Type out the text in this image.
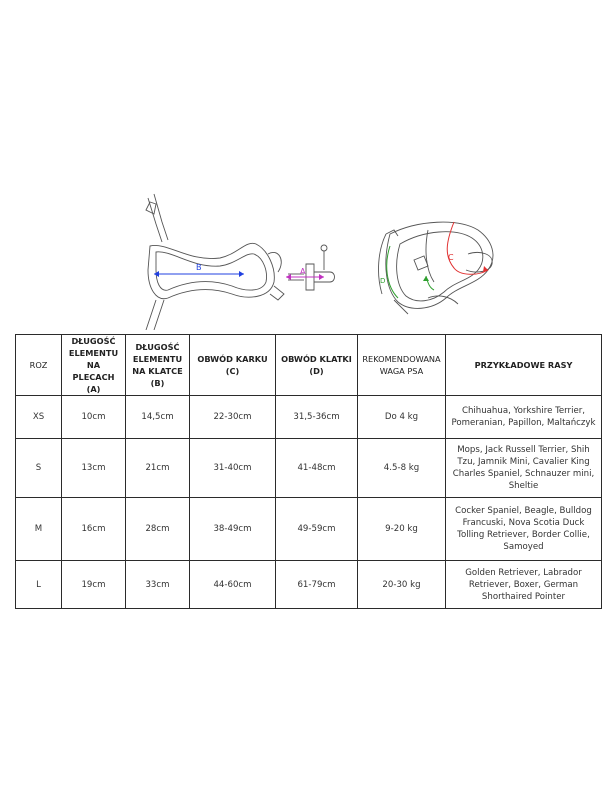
B	A
D
C
ROZ	DŁUGOŚĆ ELEMENTU NA PLECACH (A)	DŁUGOŚĆ ELEMENTU NA KLATCE (B)	OBWÓD KARKU (C)	OBWÓD KLATKI (D)	REKOMENDOWANA WAGA PSA	PRZYKŁADOWE RASY
XS	10cm	14,5cm	22-30cm	31,5-36cm	Do 4 kg	Chihuahua, Yorkshire Terrier, Pomeranian, Papillon, Maltańczyk
S	13cm	21cm	31-40cm	41-48cm	4.5-8 kg	Mops, Jack Russell Terrier, Shih Tzu, Jamnik Mini, Cavalier King Charles Spaniel, Schnauzer mini, Sheltie
M	16cm	28cm	38-49cm	49-59cm	9-20 kg	Cocker Spaniel, Beagle, Bulldog Francuski, Nova Scotia Duck Tolling Retriever, Border Collie, Samoyed
L	19cm	33cm	44-60cm	61-79cm	20-30 kg	Golden Retriever, Labrador Retriever, Boxer, German Shorthaired Pointer
